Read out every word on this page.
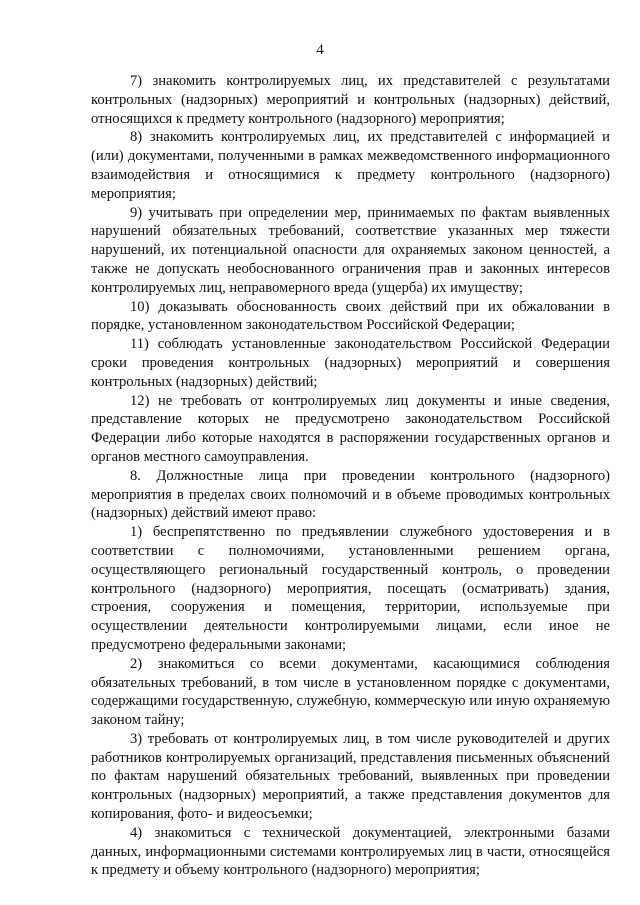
4

7) знакомить контролируемых лиц, их представителей с результатами контрольных (надзорных) мероприятий и контрольных (надзорных) действий, относящихся к предмету контрольного (надзорного) мероприятия;

8) знакомить контролируемых лиц, их представителей с информацией и (или) документами, полученными в рамках межведомственного информационного взаимодействия и относящимися к предмету контрольного (надзорного) мероприятия;

9) учитывать при определении мер, принимаемых по фактам выявленных нарушений обязательных требований, соответствие указанных мер тяжести нарушений, их потенциальной опасности для охраняемых законом ценностей, а также не допускать необоснованного ограничения прав и законных интересов контролируемых лиц, неправомерного вреда (ущерба) их имуществу;

10) доказывать обоснованность своих действий при их обжаловании в порядке, установленном законодательством Российской Федерации;

11) соблюдать установленные законодательством Российской Федерации сроки проведения контрольных (надзорных) мероприятий и совершения контрольных (надзорных) действий;

12) не требовать от контролируемых лиц документы и иные сведения, представление которых не предусмотрено законодательством Российской Федерации либо которые находятся в распоряжении государственных органов и органов местного самоуправления.

8. Должностные лица при проведении контрольного (надзорного) мероприятия в пределах своих полномочий и в объеме проводимых контрольных (надзорных) действий имеют право:

1) беспрепятственно по предъявлении служебного удостоверения и в соответствии с полномочиями, установленными решением органа, осуществляющего региональный государственный контроль, о проведении контрольного (надзорного) мероприятия, посещать (осматривать) здания, строения, сооружения и помещения, территории, используемые при осуществлении деятельности контролируемыми лицами, если иное не предусмотрено федеральными законами;

2) знакомиться со всеми документами, касающимися соблюдения обязательных требований, в том числе в установленном порядке с документами, содержащими государственную, служебную, коммерческую или иную охраняемую законом тайну;

3) требовать от контролируемых лиц, в том числе руководителей и других работников контролируемых организаций, представления письменных объяснений по фактам нарушений обязательных требований, выявленных при проведении контрольных (надзорных) мероприятий, а также представления документов для копирования, фото- и видеосъемки;

4) знакомиться с технической документацией, электронными базами данных, информационными системами контролируемых лиц в части, относящейся к предмету и объему контрольного (надзорного) мероприятия;
